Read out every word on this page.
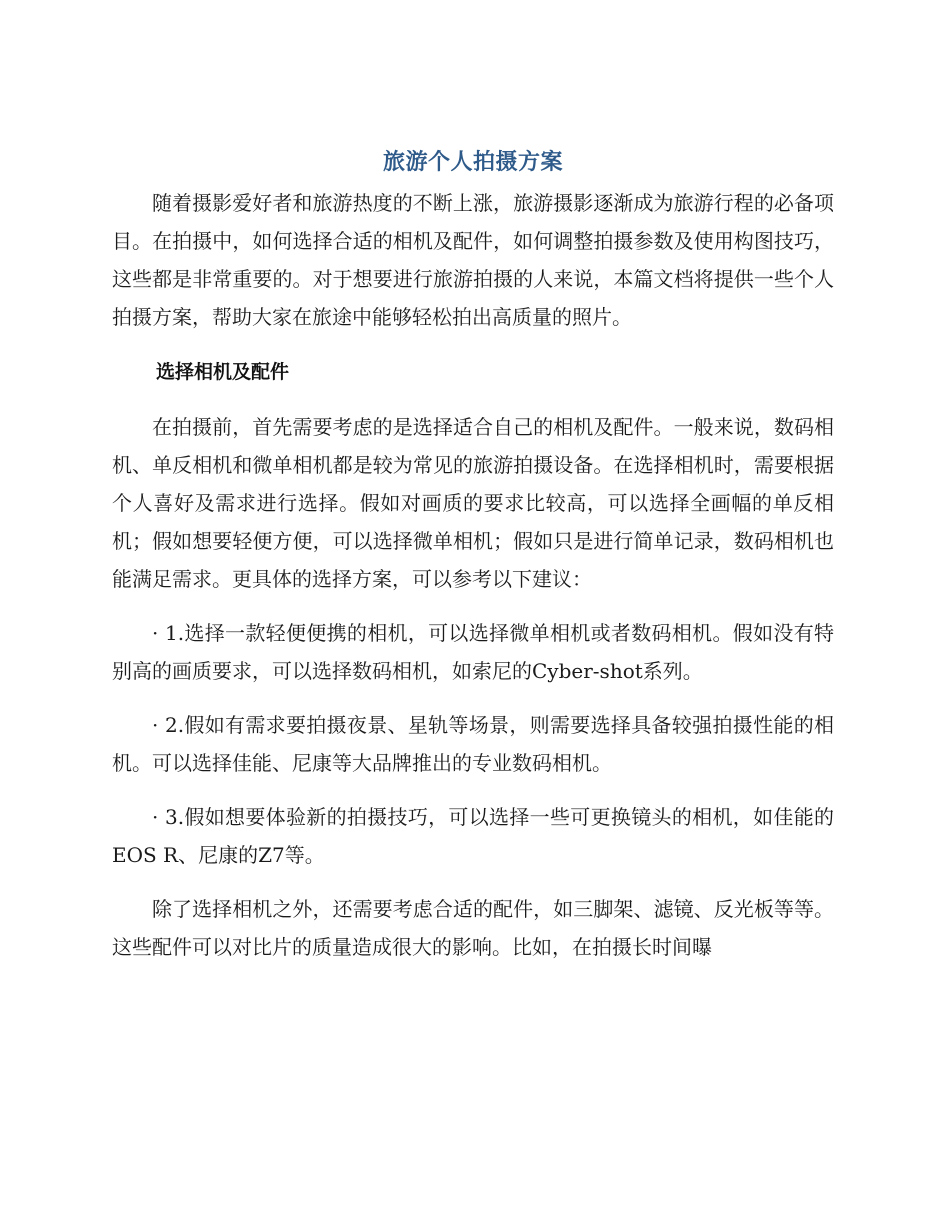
旅游个人拍摄方案

随着摄影爱好者和旅游热度的不断上涨，旅游摄影逐渐成为旅游行程的必备项目。在拍摄中，如何选择合适的相机及配件，如何调整拍摄参数及使用构图技巧，这些都是非常重要的。对于想要进行旅游拍摄的人来说，本篇文档将提供一些个人拍摄方案，帮助大家在旅途中能够轻松拍出高质量的照片。

选择相机及配件

在拍摄前，首先需要考虑的是选择适合自己的相机及配件。一般来说，数码相机、单反相机和微单相机都是较为常见的旅游拍摄设备。在选择相机时，需要根据个人喜好及需求进行选择。假如对画质的要求比较高，可以选择全画幅的单反相机；假如想要轻便方便，可以选择微单相机；假如只是进行简单记录，数码相机也能满足需求。更具体的选择方案，可以参考以下建议：

· 1.选择一款轻便便携的相机，可以选择微单相机或者数码相机。假如没有特别高的画质要求，可以选择数码相机，如索尼的Cyber-shot系列。

· 2.假如有需求要拍摄夜景、星轨等场景，则需要选择具备较强拍摄性能的相机。可以选择佳能、尼康等大品牌推出的专业数码相机。

· 3.假如想要体验新的拍摄技巧，可以选择一些可更换镜头的相机，如佳能的EOS R、尼康的Z7等。

除了选择相机之外，还需要考虑合适的配件，如三脚架、滤镜、反光板等等。这些配件可以对比片的质量造成很大的影响。比如，在拍摄长时间曝
